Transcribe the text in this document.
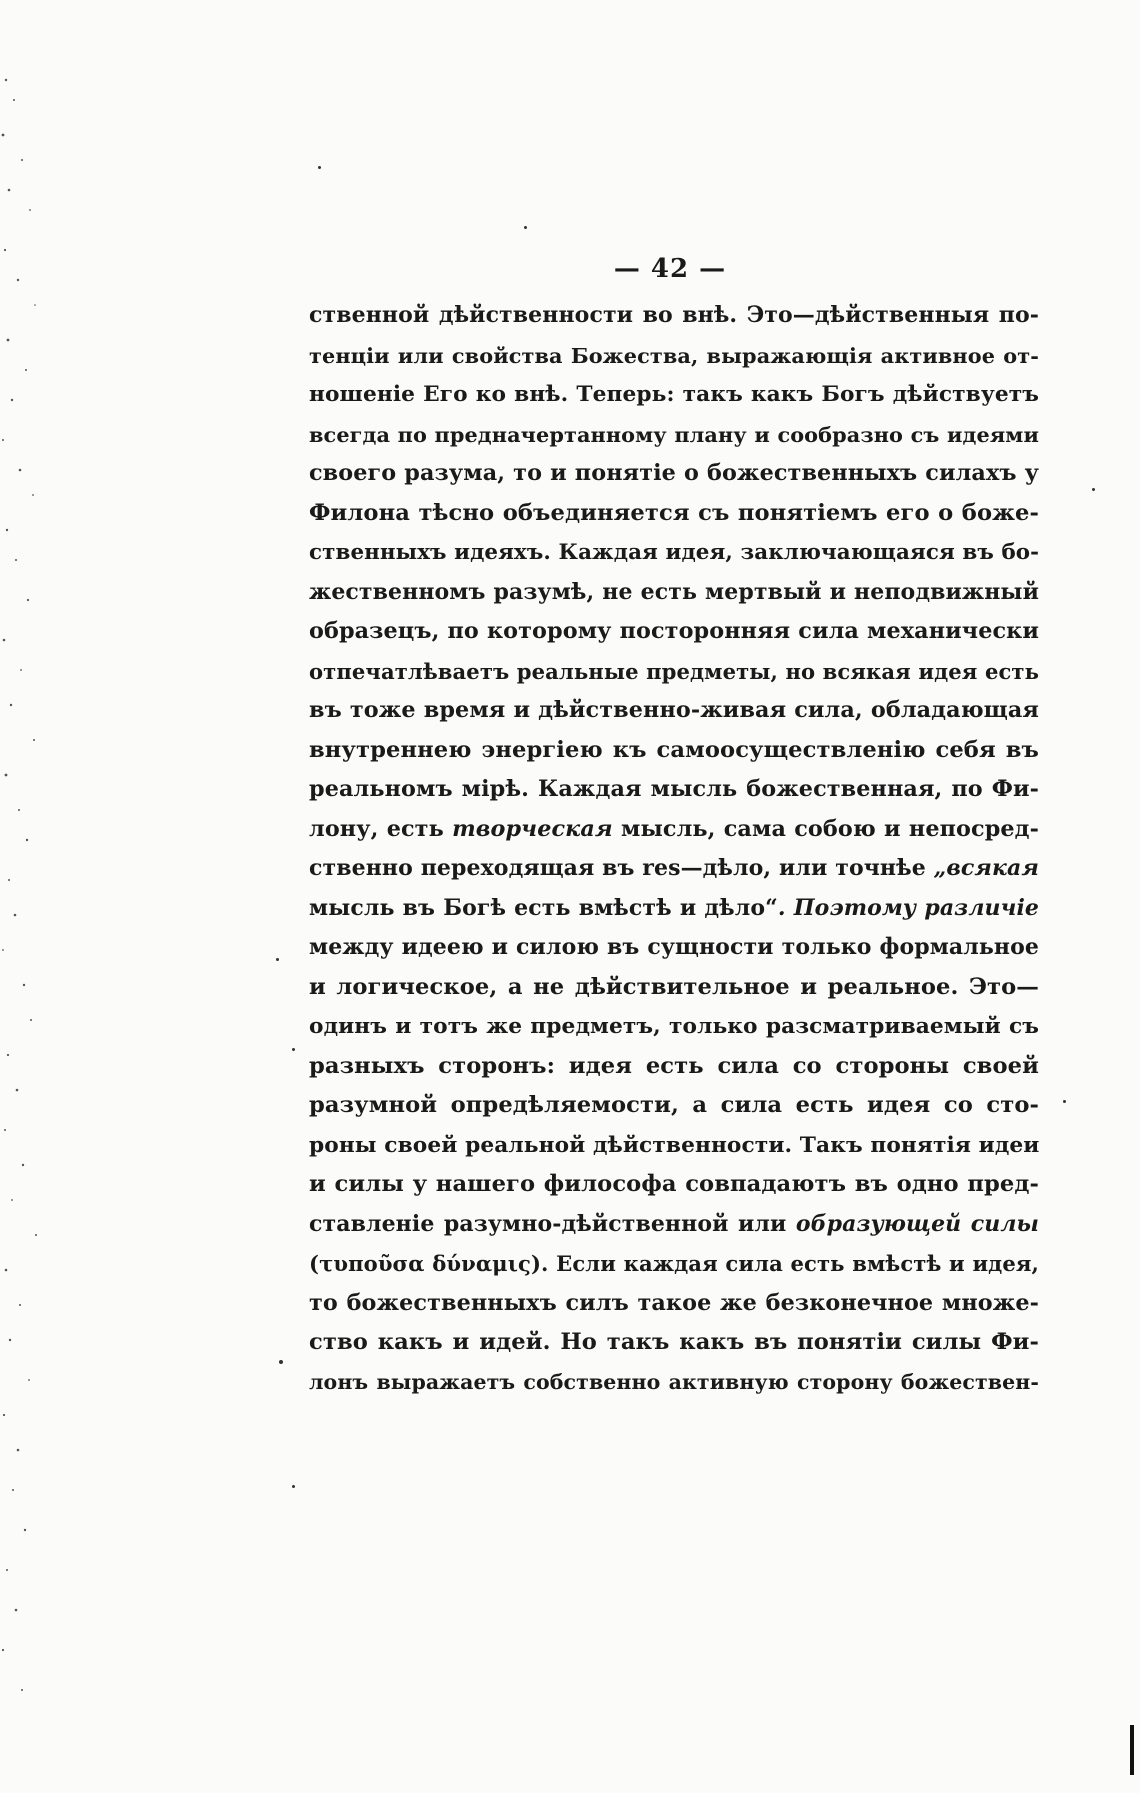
— 42 —
ственной дѣйственности во внѣ. Это—дѣйственныя по-
тенціи или свойства Божества, выражающія активное от-
ношеніе Его ко внѣ. Теперь: такъ какъ Богъ дѣйствуетъ
всегда по предначертанному плану и сообразно съ идеями
своего разума, то и понятіе о божественныхъ силахъ у
Филона тѣсно объединяется съ понятіемъ его о боже-
ственныхъ идеяхъ. Каждая идея, заключающаяся въ бо-
жественномъ разумѣ, не есть мертвый и неподвижный
образецъ, по которому посторонняя сила механически
отпечатлѣваетъ реальные предметы, но всякая идея есть
въ тоже время и дѣйственно-живая сила, обладающая
внутреннею энергіею къ самоосуществленію себя въ
реальномъ мірѣ. Каждая мысль божественная, по Фи-
лону, есть творческая мысль, сама собою и непосред-
ственно переходящая въ res—дѣло, или точнѣе „всякая
мысль въ Богѣ есть вмѣстѣ и дѣло“. Поэтому различіе
между идеею и силою въ сущности только формальное
и логическое, а не дѣйствительное и реальное. Это—
одинъ и тотъ же предметъ, только разсматриваемый съ
разныхъ сторонъ: идея есть сила со стороны своей
разумной опредѣляемости, а сила есть идея со сто-
роны своей реальной дѣйственности. Такъ понятія идеи
и силы у нашего философа совпадаютъ въ одно пред-
ставленіе разумно-дѣйственной или образующей силы
(τυποῦσα δύναμις). Если каждая сила есть вмѣстѣ и идея,
то божественныхъ силъ такое же безконечное множе-
ство какъ и идей. Но такъ какъ въ понятіи силы Фи-
лонъ выражаетъ собственно активную сторону божествен-
